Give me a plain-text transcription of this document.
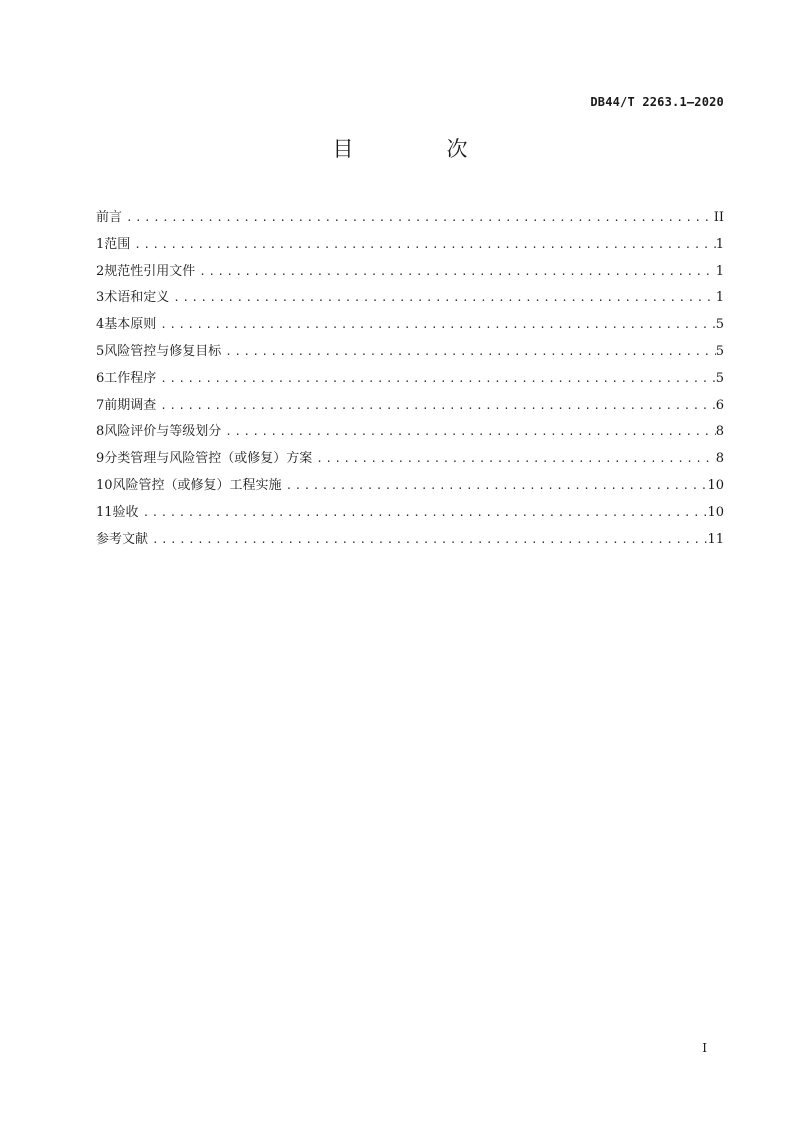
DB44/T 2263.1—2020
目　次
前言 .....	II
1 范围 .....	1
2 规范性引用文件 .....	1
3 术语和定义 .....	1
4 基本原则 .....	5
5 风险管控与修复目标 .....	5
6 工作程序 .....	5
7 前期调查 .....	6
8 风险评价与等级划分 .....	8
9 分类管理与风险管控（或修复）方案 .....	8
10 风险管控（或修复）工程实施 .....	10
11 验收 .....	10
参考文献 .....	11
I
